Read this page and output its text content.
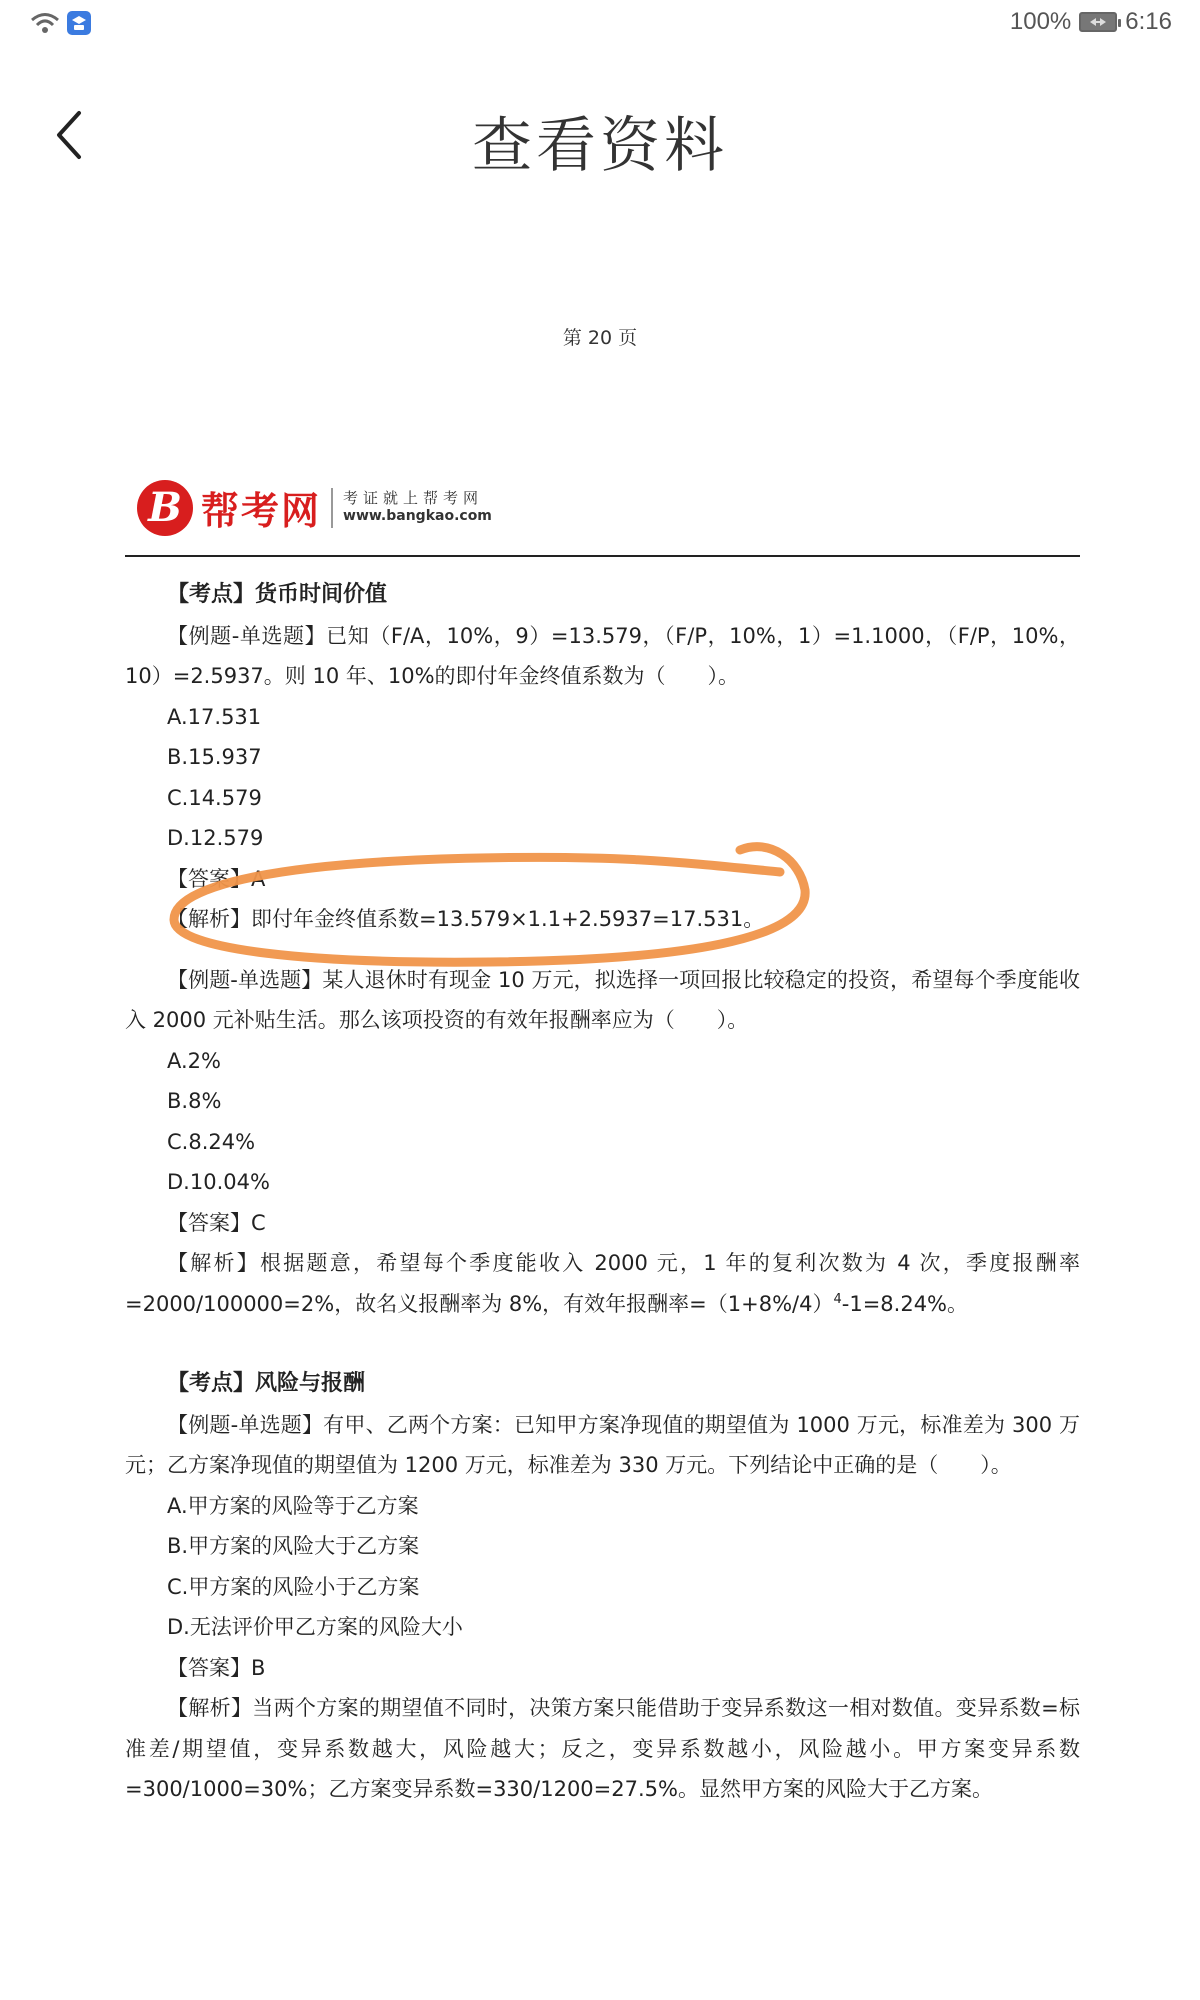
100% 6:16
查看资料
第 20 页
B 帮考网 考证就上帮考网
www.bangkao.com
【考点】货币时间价值

【例题-单选题】已知（F/A，10%，9）=13.579，（F/P，10%，1）=1.1000，（F/P，10%，10）=2.5937。则 10 年、10%的即付年金终值系数为（　　）。

A.17.531
B.15.937
C.14.579
D.12.579
【答案】A
【解析】即付年金终值系数=13.579×1.1+2.5937=17.531。

【例题-单选题】某人退休时有现金 10 万元，拟选择一项回报比较稳定的投资，希望每个季度能收入 2000 元补贴生活。那么该项投资的有效年报酬率应为（　　）。

A.2%
B.8%
C.8.24%
D.10.04%
【答案】C

【解析】根据题意，希望每个季度能收入 2000 元，1 年的复利次数为 4 次，季度报酬率=2000/100000=2%，故名义报酬率为 8%，有效年报酬率$=(1+8\%/4)^4-1=8.24\%$。

【考点】风险与报酬

【例题-单选题】有甲、乙两个方案：已知甲方案净现值的期望值为 1000 万元，标准差为 300 万元；乙方案净现值的期望值为 1200 万元，标准差为 330 万元。下列结论中正确的是（　　）。

A.甲方案的风险等于乙方案
B.甲方案的风险大于乙方案
C.甲方案的风险小于乙方案
D.无法评价甲乙方案的风险大小
【答案】B

【解析】当两个方案的期望值不同时，决策方案只能借助于变异系数这一相对数值。变异系数=标准差/期望值，变异系数越大，风险越大；反之，变异系数越小，风险越小。甲方案变异系数=300/1000=30%；乙方案变异系数=330/1200=27.5%。显然甲方案的风险大于乙方案。
